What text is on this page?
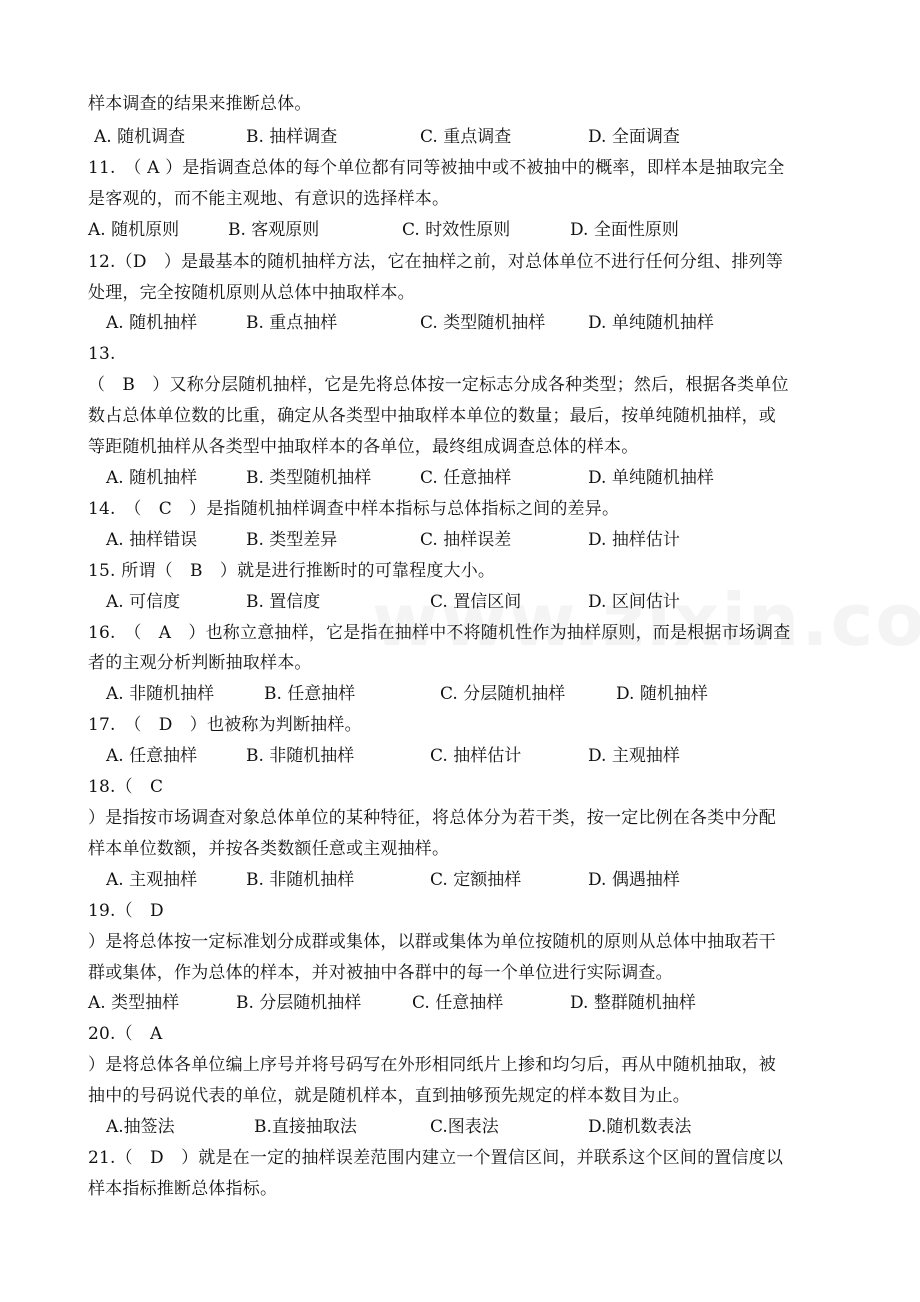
样本调查的结果来推断总体。
A. 随机调查	B. 抽样调查	C. 重点调查	D. 全面调查
11.　（ A ）是指调查总体的每个单位都有同等被抽中或不被抽中的概率，即样本是抽取完全
是客观的，而不能主观地、有意识的选择样本。
A. 随机原则	B. 客观原则	C. 时效性原则	D. 全面性原则
12.（D　）是最基本的随机抽样方法，它在抽样之前，对总体单位不进行任何分组、排列等
处理，完全按随机原则从总体中抽取样本。
A. 随机抽样	B. 重点抽样	C. 类型随机抽样	D. 单纯随机抽样
13.
（　B　）又称分层随机抽样，它是先将总体按一定标志分成各种类型；然后，根据各类单位
数占总体单位数的比重，确定从各类型中抽取样本单位的数量；最后，按单纯随机抽样，或
等距随机抽样从各类型中抽取样本的各单位，最终组成调查总体的样本。
A. 随机抽样	B. 类型随机抽样	C. 任意抽样	D. 单纯随机抽样
14.　（　C　）是指随机抽样调查中样本指标与总体指标之间的差异。
A. 抽样错误	B. 类型差异	C. 抽样误差	D. 抽样估计
15. 所谓（　B　）就是进行推断时的可靠程度大小。
A. 可信度	B. 置信度	C. 置信区间	D. 区间估计
16.　（　A　）也称立意抽样，它是指在抽样中不将随机性作为抽样原则，而是根据市场调查
者的主观分析判断抽取样本。
A. 非随机抽样	B. 任意抽样	C. 分层随机抽样	D. 随机抽样
17.　（　D　）也被称为判断抽样。
A. 任意抽样	B. 非随机抽样	C. 抽样估计	D. 主观抽样
18.（　C
）是指按市场调查对象总体单位的某种特征，将总体分为若干类，按一定比例在各类中分配
样本单位数额，并按各类数额任意或主观抽样。
A. 主观抽样	B. 非随机抽样	C. 定额抽样	D. 偶遇抽样
19.（　D
）是将总体按一定标准划分成群或集体，以群或集体为单位按随机的原则从总体中抽取若干
群或集体，作为总体的样本，并对被抽中各群中的每一个单位进行实际调查。
A. 类型抽样	B. 分层随机抽样	C. 任意抽样	D. 整群随机抽样
20.（　A
）是将总体各单位编上序号并将号码写在外形相同纸片上掺和均匀后，再从中随机抽取，被
抽中的号码说代表的单位，就是随机样本，直到抽够预先规定的样本数目为止。
A.抽签法	B.直接抽取法	C.图表法	D.随机数表法
21.（　D　）就是在一定的抽样误差范围内建立一个置信区间，并联系这个区间的置信度以
样本指标推断总体指标。
